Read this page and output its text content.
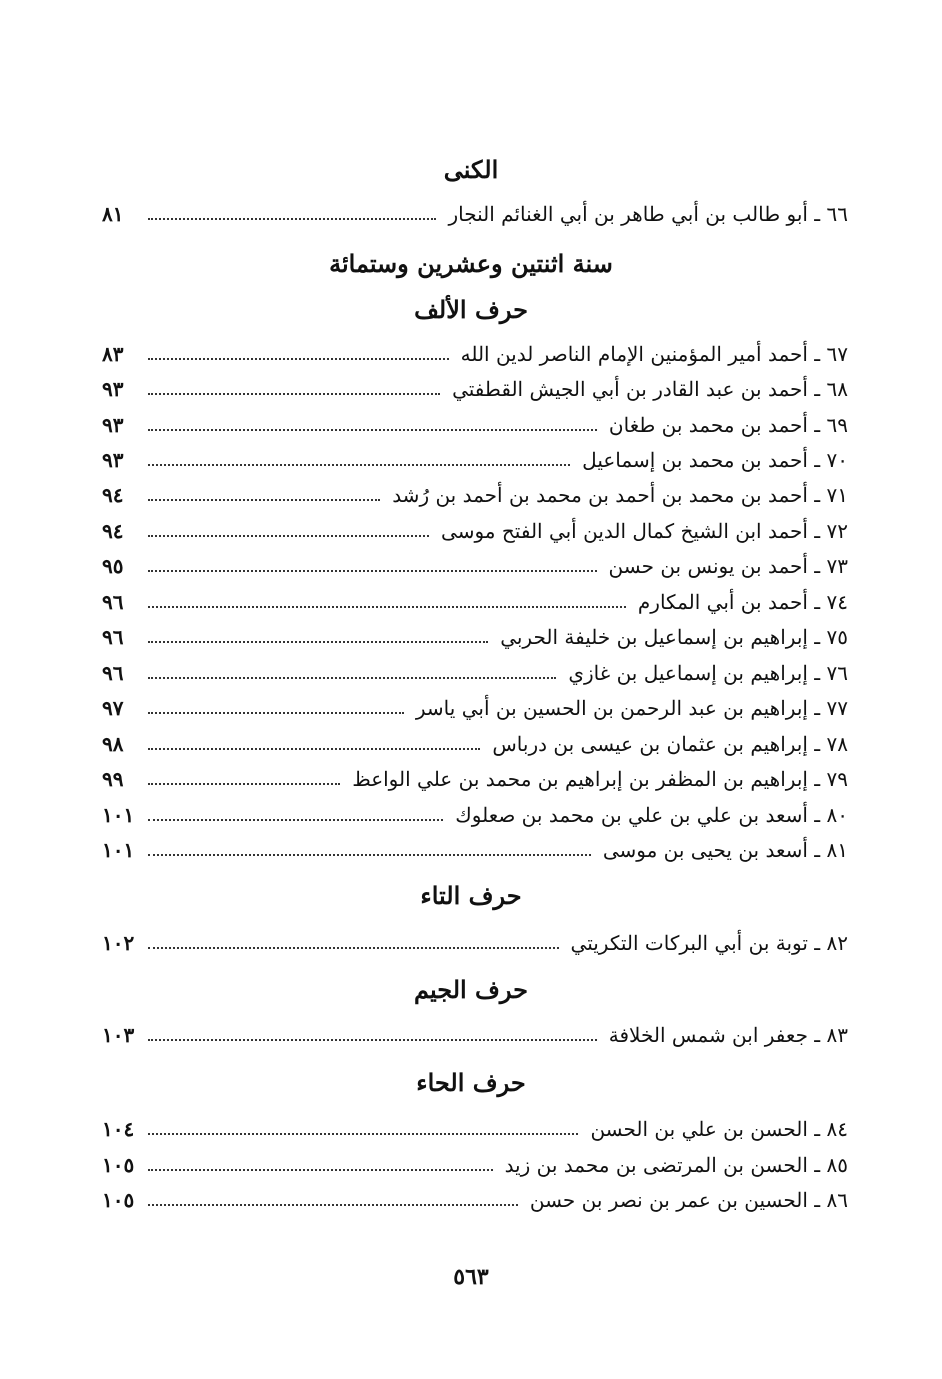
الكنى
٦٦ ـ أبو طالب بن أبي طاهر بن أبي الغنائم النجار
٨١
سنة اثنتين وعشرين وستمائة
حرف الألف
٦٧ ـ أحمد أمير المؤمنين الإمام الناصر لدين الله
٨٣
٦٨ ـ أحمد بن عبد القادر بن أبي الجيش القطفتي
٩٣
٦٩ ـ أحمد بن محمد بن طغان
٩٣
٧٠ ـ أحمد بن محمد بن إسماعيل
٩٣
٧١ ـ أحمد بن محمد بن أحمد بن محمد بن أحمد بن رُشد
٩٤
٧٢ ـ أحمد ابن الشيخ كمال الدين أبي الفتح موسى
٩٤
٧٣ ـ أحمد بن يونس بن حسن
٩٥
٧٤ ـ أحمد بن أبي المكارم
٩٦
٧٥ ـ إبراهيم بن إسماعيل بن خليفة الحربي
٩٦
٧٦ ـ إبراهيم بن إسماعيل بن غازي
٩٦
٧٧ ـ إبراهيم بن عبد الرحمن بن الحسين بن أبي ياسر
٩٧
٧٨ ـ إبراهيم بن عثمان بن عيسى بن درباس
٩٨
٧٩ ـ إبراهيم بن المظفر بن إبراهيم بن محمد بن علي الواعظ
٩٩
٨٠ ـ أسعد بن علي بن علي بن محمد بن صعلوك
١٠١
٨١ ـ أسعد بن يحيى بن موسى
١٠١
حرف التاء
٨٢ ـ توبة بن أبي البركات التكريتي
١٠٢
حرف الجيم
٨٣ ـ جعفر ابن شمس الخلافة
١٠٣
حرف الحاء
٨٤ ـ الحسن بن علي بن الحسن
١٠٤
٨٥ ـ الحسن بن المرتضى بن محمد بن زيد
١٠٥
٨٦ ـ الحسين بن عمر بن نصر بن حسن
١٠٥
٥٦٣
